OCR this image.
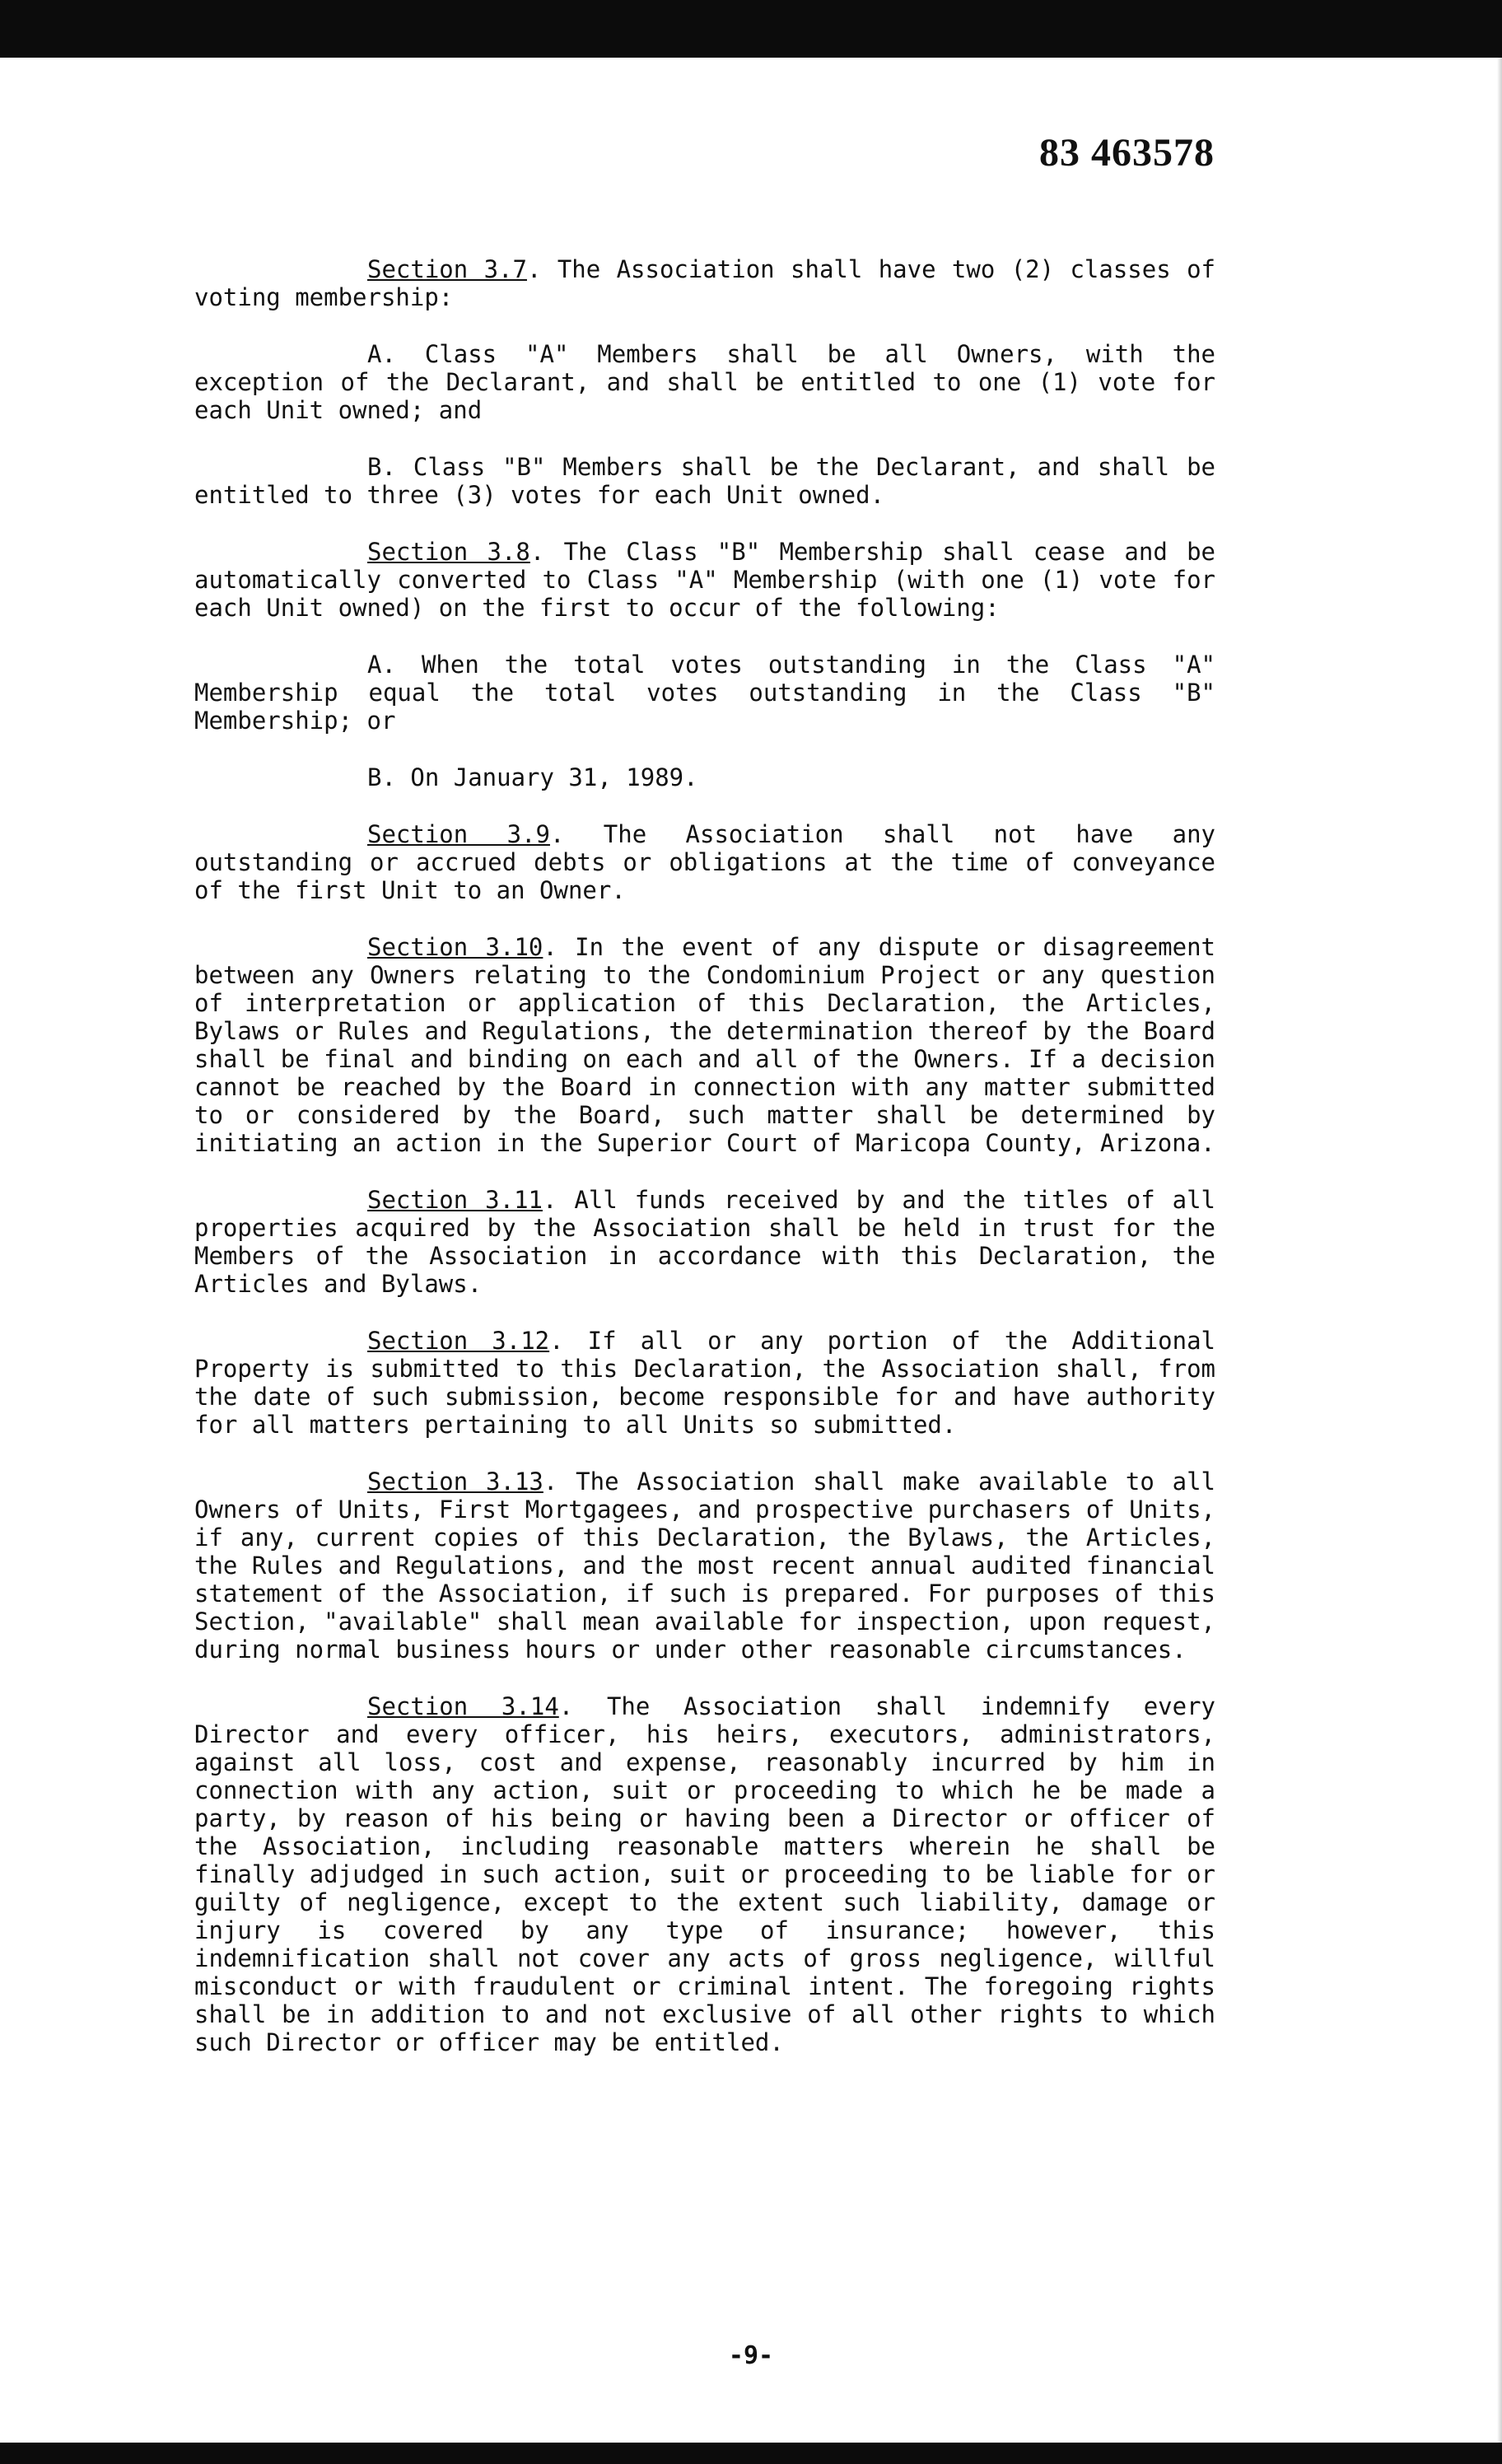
83 463578

Section 3.7. The Association shall have two (2) classes of voting membership:

A. Class "A" Members shall be all Owners, with the exception of the Declarant, and shall be entitled to one (1) vote for each Unit owned; and

B. Class "B" Members shall be the Declarant, and shall be entitled to three (3) votes for each Unit owned.

Section 3.8. The Class "B" Membership shall cease and be automatically converted to Class "A" Membership (with one (1) vote for each Unit owned) on the first to occur of the following:

A. When the total votes outstanding in the Class "A" Membership equal the total votes outstanding in the Class "B" Membership; or

B. On January 31, 1989.

Section 3.9. The Association shall not have any outstanding or accrued debts or obligations at the time of conveyance of the first Unit to an Owner.

Section 3.10. In the event of any dispute or disagreement between any Owners relating to the Condominium Project or any question of interpretation or application of this Declaration, the Articles, Bylaws or Rules and Regulations, the determination thereof by the Board shall be final and binding on each and all of the Owners. If a decision cannot be reached by the Board in connection with any matter submitted to or considered by the Board, such matter shall be determined by initiating an action in the Superior Court of Maricopa County, Arizona.

Section 3.11. All funds received by and the titles of all properties acquired by the Association shall be held in trust for the Members of the Association in accordance with this Declaration, the Articles and Bylaws.

Section 3.12. If all or any portion of the Additional Property is submitted to this Declaration, the Association shall, from the date of such submission, become responsible for and have authority for all matters pertaining to all Units so submitted.

Section 3.13. The Association shall make available to all Owners of Units, First Mortgagees, and prospective purchasers of Units, if any, current copies of this Declaration, the Bylaws, the Articles, the Rules and Regulations, and the most recent annual audited financial statement of the Association, if such is prepared. For purposes of this Section, "available" shall mean available for inspection, upon request, during normal business hours or under other reasonable circumstances.

Section 3.14. The Association shall indemnify every Director and every officer, his heirs, executors, administrators, against all loss, cost and expense, reasonably incurred by him in connection with any action, suit or proceeding to which he be made a party, by reason of his being or having been a Director or officer of the Association, including reasonable matters wherein he shall be finally adjudged in such action, suit or proceeding to be liable for or guilty of negligence, except to the extent such liability, damage or injury is covered by any type of insurance; however, this indemnification shall not cover any acts of gross negligence, willful misconduct or with fraudulent or criminal intent. The foregoing rights shall be in addition to and not exclusive of all other rights to which such Director or officer may be entitled.

-9-
